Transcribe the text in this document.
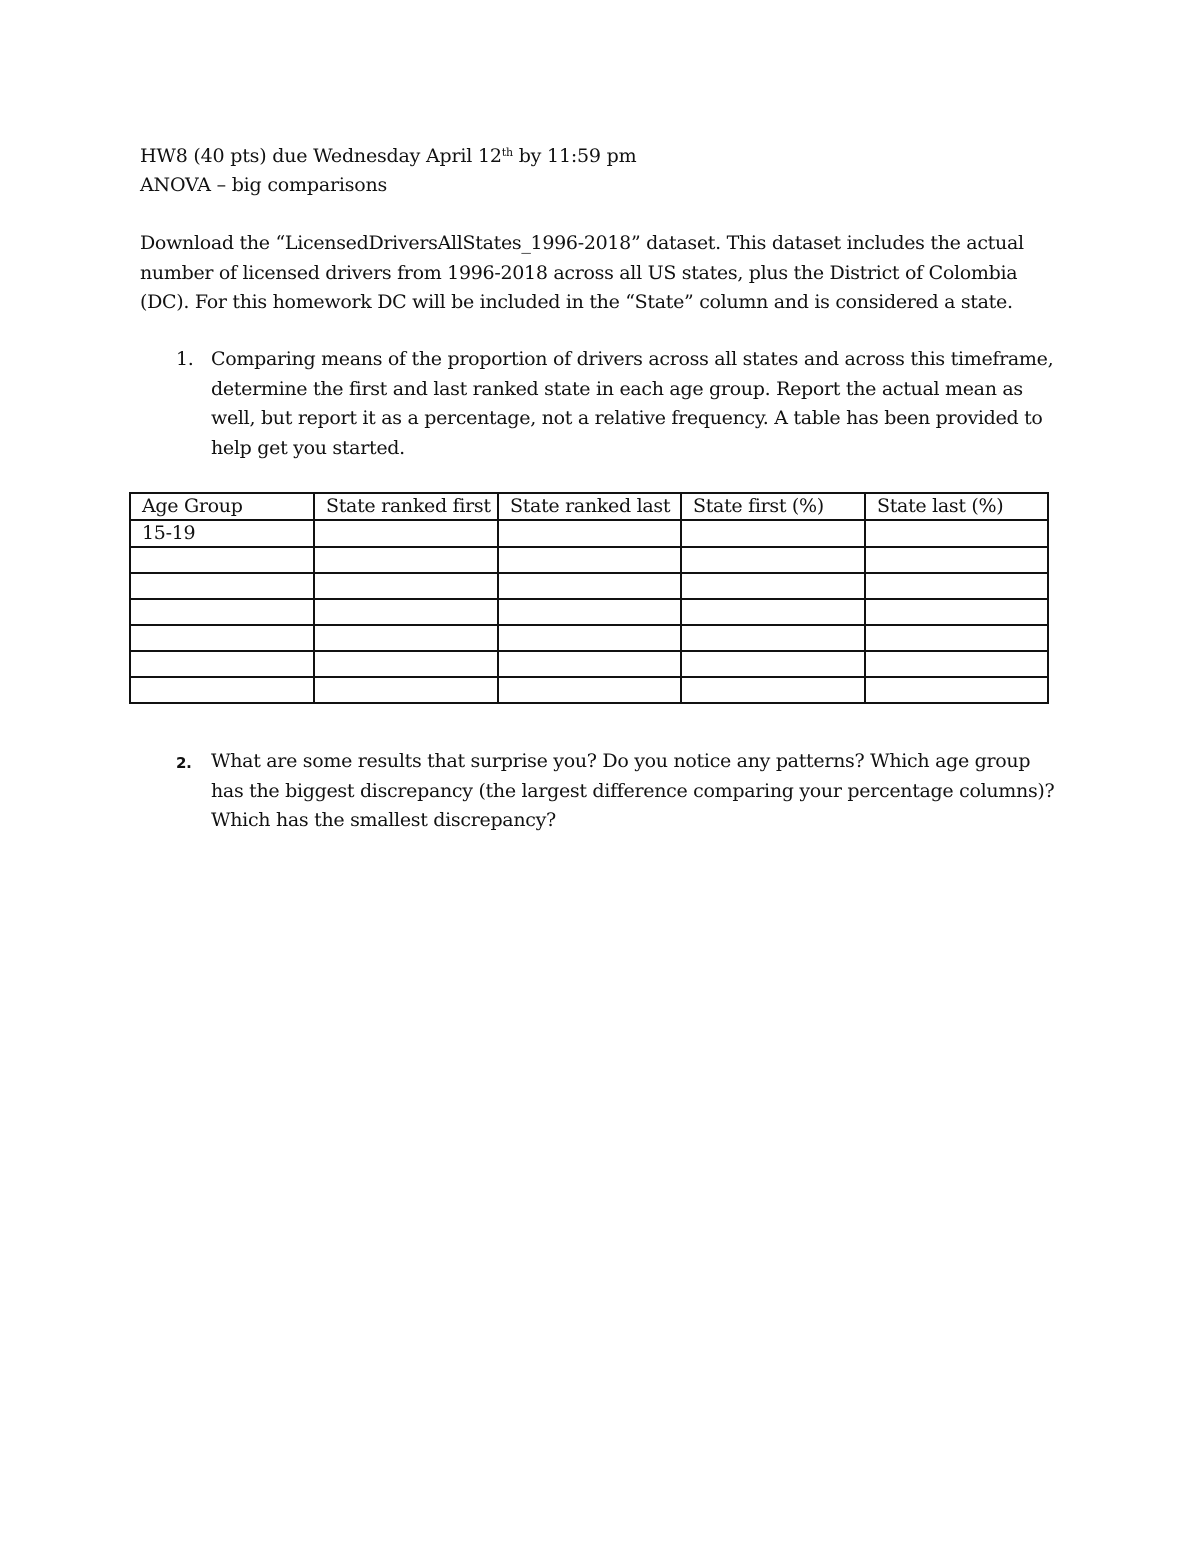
HW8 (40 pts) due Wednesday April 12th by 11:59 pm
ANOVA – big comparisons
Download the “LicensedDriversAllStates_1996-2018” dataset. This dataset includes the actual number of licensed drivers from 1996-2018 across all US states, plus the District of Colombia (DC). For this homework DC will be included in the “State” column and is considered a state.
1. Comparing means of the proportion of drivers across all states and across this timeframe, determine the first and last ranked state in each age group. Report the actual mean as well, but report it as a percentage, not a relative frequency. A table has been provided to help get you started.
Age Group	State ranked first	State ranked last	State first (%)	State last (%)
15-19				

2. What are some results that surprise you? Do you notice any patterns? Which age group has the biggest discrepancy (the largest difference comparing your percentage columns)? Which has the smallest discrepancy?
